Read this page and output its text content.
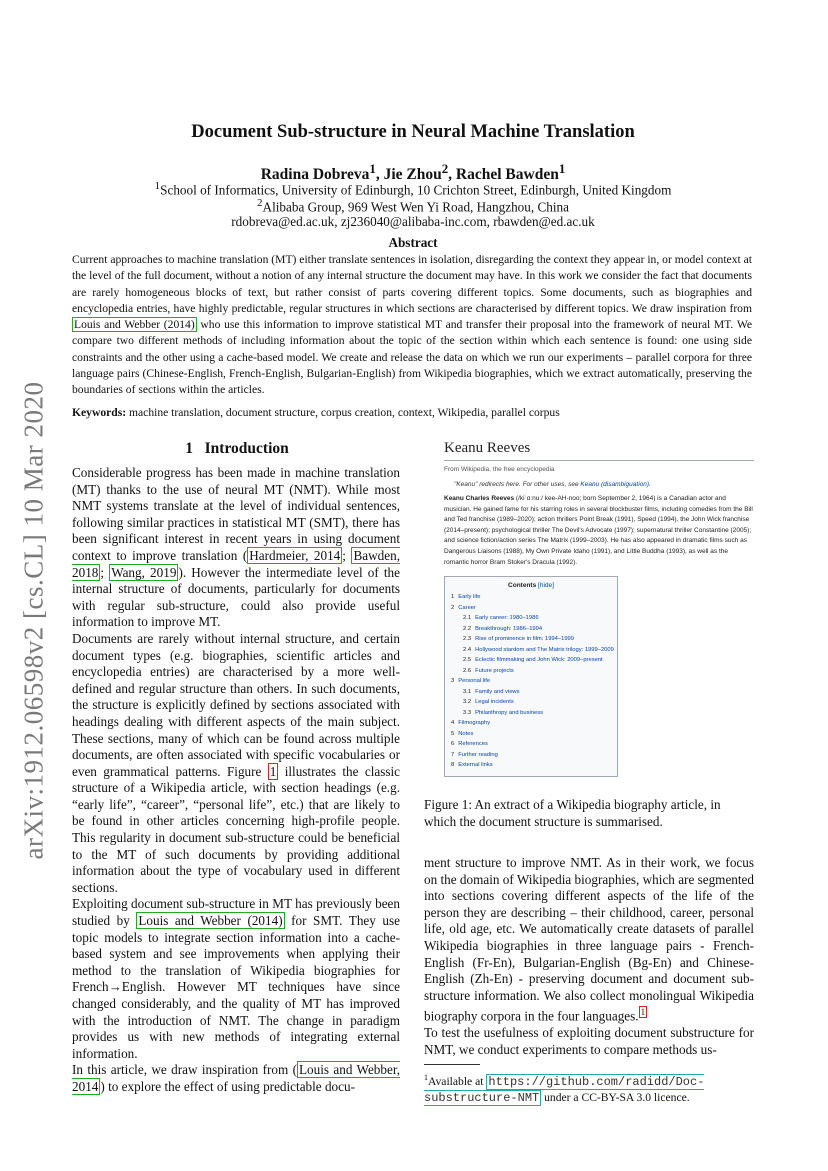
arXiv:1912.06598v2 [cs.CL] 10 Mar 2020
Document Sub-structure in Neural Machine Translation
Radina Dobreva$^1$, Jie Zhou$^2$, Rachel Bawden$^1$
$^1$School of Informatics, University of Edinburgh, 10 Crichton Street, Edinburgh, United Kingdom
$^2$Alibaba Group, 969 West Wen Yi Road, Hangzhou, China
rdobreva@ed.ac.uk, zj236040@alibaba-inc.com, rbawden@ed.ac.uk
Abstract

Current approaches to machine translation (MT) either translate sentences in isolation, disregarding the context they appear in, or model context at the level of the full document, without a notion of any internal structure the document may have. In this work we consider the fact that documents are rarely homogeneous blocks of text, but rather consist of parts covering different topics. Some documents, such as biographies and encyclopedia entries, have highly predictable, regular structures in which sections are characterised by different topics. We draw inspiration from Louis and Webber (2014) who use this information to improve statistical MT and transfer their proposal into the framework of neural MT. We compare two different methods of including information about the topic of the section within which each sentence is found: one using side constraints and the other using a cache-based model. We create and release the data on which we run our experiments – parallel corpora for three language pairs (Chinese-English, French-English, Bulgarian-English) from Wikipedia biographies, which we extract automatically, preserving the boundaries of sections within the articles.

Keywords: machine translation, document structure, corpus creation, context, Wikipedia, parallel corpus

1 Introduction

Considerable progress has been made in machine translation (MT) thanks to the use of neural MT (NMT). While most NMT systems translate at the level of individual sentences, following similar practices in statistical MT (SMT), there has been significant interest in recent years in using document context to improve translation ( Hardmeier, 2014 ; Bawden, 2018 ; Wang, 2019 ). However the intermediate level of the internal structure of documents, particularly for documents with regular sub-structure, could also provide useful information to improve MT.

Documents are rarely without internal structure, and certain document types (e.g. biographies, scientific articles and encyclopedia entries) are characterised by a more well-defined and regular structure than others. In such documents, the structure is explicitly defined by sections associated with headings dealing with different aspects of the main subject. These sections, many of which can be found across multiple documents, are often associated with specific vocabularies or even grammatical patterns. Figure 1 illustrates the classic structure of a Wikipedia article, with section headings (e.g. “early life”, “career”, “personal life”, etc.) that are likely to be found in other articles concerning high-profile people. This regularity in document sub-structure could be beneficial to the MT of such documents by providing additional information about the type of vocabulary used in different sections.

Exploiting document sub-structure in MT has previously been studied by Louis and Webber (2014) for SMT. They use topic models to integrate section information into a cache-based system and see improvements when applying their method to the translation of Wikipedia biographies for French→English. However MT techniques have since changed considerably, and the quality of MT has improved with the introduction of NMT. The change in paradigm provides us with new methods of integrating external information.

In this article, we draw inspiration from ( Louis and Webber, 2014 ) to explore the effect of using predictable docu-

Keanu Reeves
From Wikipedia, the free encyclopedia
"Keanu" redirects here. For other uses, see Keanu (disambiguation).
Keanu Charles Reeves (/kiˈɑːnuː/ kee-AH-noo; born September 2, 1964) is a Canadian actor and musician. He gained fame for his starring roles in several blockbuster films, including comedies from the Bill and Ted franchise (1989–2020); action thrillers Point Break (1991), Speed (1994), the John Wick franchise (2014–present); psychological thriller The Devil's Advocate (1997); supernatural thriller Constantine (2005); and science fiction/action series The Matrix (1999–2003). He has also appeared in dramatic films such as Dangerous Liaisons (1988), My Own Private Idaho (1991), and Little Buddha (1993), as well as the romantic horror Bram Stoker's Dracula (1992).
Contents [hide]
1 Early life
2 Career
2.1 Early career: 1980–1986
2.2 Breakthrough: 1986–1994
2.3 Rise of prominence in film: 1994–1999
2.4 Hollywood stardom and The Matrix trilogy: 1999–2009
2.5 Eclectic filmmaking and John Wick: 2009–present
2.6 Future projects
3 Personal life
3.1 Family and views
3.2 Legal incidents
3.3 Philanthropy and business
4 Filmography
5 Notes
6 References
7 Further reading
8 External links
Figure 1: An extract of a Wikipedia biography article, in which the document structure is summarised.

ment structure to improve NMT. As in their work, we focus on the domain of Wikipedia biographies, which are segmented into sections covering different aspects of the life of the person they are describing – their childhood, career, personal life, old age, etc. We automatically create datasets of parallel Wikipedia biographies in three language pairs - French-English (Fr-En), Bulgarian-English (Bg-En) and Chinese-English (Zh-En) - preserving document and document sub-structure information. We also collect monolingual Wikipedia biography corpora in the four languages. $^1$

To test the usefulness of exploiting document substructure for NMT, we conduct experiments to compare methods us-

$^1$Available at https://github.com/radidd/Doc-substructure-NMT under a CC-BY-SA 3.0 licence.
